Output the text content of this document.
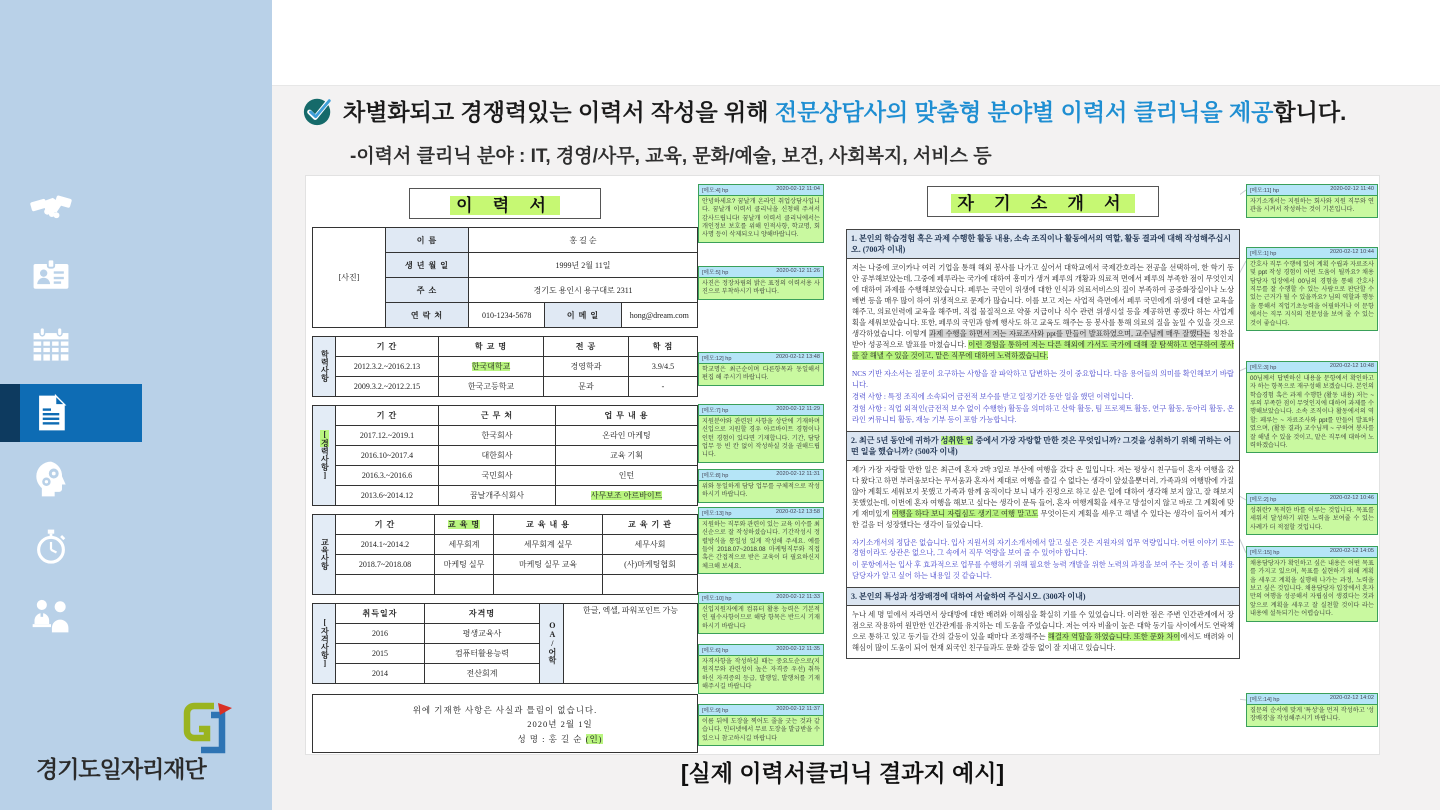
경기도일자리재단
차별화되고 경쟁력있는 이력서 작성을 위해 전문상담사의 맞춤형 분야별 이력서 클리닉을 제공합니다.
-이력서 클리닉 분야 : IT, 경영/사무, 교육, 문화/예술, 보건, 사회복지, 서비스 등
이 력 서
[사진]	이 름	홍 길 순		
	생 년 월 일	1999년 2월 11일		
	주 소	경기도 용인시 용구대로 2311		
	연 락 처	010-1234-5678	이 메 일	hong@dream.com
학력사항	기 간	학 교 명	전 공	학 점
	2012.3.2.~2016.2.13	한국대학교	경영학과	3.9/4.5
	2009.3.2.~2012.2.15	한국고등학교	문과	-
[경력사항]	기 간	근 무 처	업 무 내 용
	2017.12.~2019.1	한국회사	온라인 마케팅
	2016.10~2017.4	대한회사	교육 기획
	2016.3.~2016.6	국민회사	인턴
	2013.6~2014.12	꿈날개주식회사	사무보조 아르바이트
교육사항	기 간	교 육 명	교 육 내 용	교 육 기 관
	2014.1~2014.2	세무회계	세무회계 실무	세무사회
	2018.7~2018.08	마케팅 실무	마케팅 실무 교육	(사)마케팅협회

[자격사항]	취득일자	자격명	OA/어학	한글, 엑셀, 파워포인트 가능
	2016	평생교육사		
	2015	컴퓨터활용능력		
	2014	전산회계		
위에 기재한 사항은 사실과 틀림이 없습니다.
2020년 2월 1일
성 명 : 홍 길 순 (인)
[메모:4] hp	2020-02-12 11:04
안녕하세요? 꿈날개 온라인 취업상담사입니다. 꿈날개 이력서 클리닉을 신청해 주셔서 감사드립니다! 꿈날개 이력서 클리닉에서는 개인정보 보호를 위해 인적사항, 학교명, 회사명 등이 삭제되오니 양해바랍니다.
[메모:5] hp	2020-02-12 11:26
사진은 정장차림의 밝은 표정의 이력서용 사진으로 부착하시기 바랍니다.
[메모:12] hp	2020-02-12 13:48
학교명은 최근순이며 다른항목과 동일해서 편집 해 주시기 바랍니다.
[메모:7] hp	2020-02-12 11:29
지원분야와 관련된 사항을 상단에 기재하며 신입으로 지원할 경우 아르바이트 경험이나 인턴 경험이 있다면 기재합니다. 기간, 담당업무 등 빈 칸 없이 작성하실 것을 권해드립니다.
[메모:8] hp	2020-02-12 11:31
위와 동일하게 담당 업무를 구체적으로 작성하시기 바랍니다.
[메모:13] hp	2020-02-12 13:58
지원하는 직무와 관련이 있는 교육 이수를 최신순으로 잘 작성하셨습니다. 기간작성시 정렬방식을 통일성 있게 작성해 주세요. 예를 들어 2018.07~2018.08 마케팅직무와 직접 혹은 간접적으로 받은 교육이 더 필요하신지 체크해 보세요.
[메모:10] hp	2020-02-12 11:33
신입지원자에게 컴퓨터 활용 능력은 기본적인 필수사항이므로 해당 항목은 반드시 기재하시기 바랍니다
[메모:6] hp	2020-02-12 11:35
자격사항을 작성하실 때는 중요도순으로(지원직무와 관련성이 높은 자격증 우선) 취득하신 자격증의 등급, 발행일, 발행처를 기재해주시길 바랍니다
[메모:9] hp	2020-02-12 11:37
이름 뒤에 도장을 찍어도 줄을 긋는 것과 같습니다. 인터넷에서 무료 도장을 발급받을 수 있으니 참고하시길 바랍니다
자 기 소 개 서
1. 본인의 학습경험 혹은 과제 수행한 활동 내용, 소속 조직이나 활동에서의 역할, 활동 결과에 대해 작성해주십시오. (700자 이내)
저는 나중에 코이카나 여러 기업을 통해 해외 봉사를 나가고 싶어서 대학교에서 국제간호라는 전공을 선택하여, 한 학기 동안 공부해보았는데, 그중에 페루라는 국가에 대하여 흥미가 생겨 페루의 개황과 의료적 면에서 페루의 부족한 점이 무엇인지에 대하여 과제를 수행해보았습니다. 페루는 국민이 위생에 대한 인식과 의료서비스의 질이 부족하여 공중화장실이나 노상 배변 등을 매우 많이 하여 위생적으로 문제가 많습니다. 이를 보고 저는 사업적 측면에서 페루 국민에게 위생에 대한 교육을 해주고, 의료인력에 교육을 해주며, 직접 물질적으로 약품 지급이나 식수 관련 위생시설 등을 제공하면 좋겠다 하는 사업계획을 세워보았습니다. 또한, 페루의 국민과 함께 행사도 하고 교육도 해주는 등 봉사를 통해 의료의 질을 높일 수 있을 것으로 생각하였습니다. 이렇게 과제 수행을 하면서 저는 자료조사와 ppt를 만들어 발표하였으며, 교수님께 매우 잘했다는 칭찬을 받아 성공적으로 발표를 마쳤습니다. 이런 경험을 통하여 저는 다른 해외에 가서도 국가에 대해 잘 탐색하고 연구하여 봉사를 잘 해낼 수 있을 것이고, 맡은 직무에 대하여 노력하겠습니다.

NCS 기반 자소서는 질문이 요구하는 사항을 잘 파악하고 답변하는 것이 중요합니다. 다음 용어들의 의미를 확인해보기 바랍니다.

경력 사항 : 특정 조직에 소속되어 금전적 보수를 받고 일정기간 동안 일을 했던 이력입니다.

경험 사항 : 직업 외적인(금전적 보수 없이 수행한) 활동을 의미하고 산학 활동, 팀 프로젝트 활동, 연구 활동, 동아리 활동, 온라인 커뮤니티 활동, 재능 기부 등이 포함 가능합니다.

2. 최근 5년 동안에 귀하가 성취한 일 중에서 가장 자랑할 만한 것은 무엇입니까? 그것을 성취하기 위해 귀하는 어떤 일을 했습니까? (500자 이내)
제가 가장 자랑할 만한 일은 최근에 혼자 2박 3일로 부산에 여행을 갔다 온 일입니다. 저는 평상시 친구들이 혼자 여행을 갔다 왔다고 하면 부러움보다는 무서움과 혼자서 제대로 여행을 즐길 수 없다는 생각이 앞섰을뿐더러, 가족과의 여행밖에 가질 않아 계획도 세워보지 못했고 가족과 함께 움직이다 보니 내가 진정으로 하고 싶은 일에 대하여 생각해 보지 않고, 잘 해보지 못했었는데, 이번에 혼자 여행을 해보고 싶다는 생각이 문득 들어, 혼자 여행계획을 세우고 망설이지 않고 바로 그 계획에 맞게 재미있게 여행을 하다 보니 자립심도 생기고 여행 말고도 무엇이든지 계획을 세우고 해낼 수 있다는 생각이 들어서 제가 한 걸음 더 성장했다는 생각이 들었습니다.

자기소개서의 정답은 없습니다. 입사 지원서의 자기소개서에서 알고 싶은 것은 지원자의 업무 역량입니다. 어떤 이야기 또는 경험이라도 상관은 없으나, 그 속에서 직무 역량을 보여 줄 수 있어야 합니다.

이 문항에서는 입사 후 효과적으로 업무를 수행하기 위해 필요한 능력 개발을 위한 노력의 과정을 보여 주는 것이 좀 더 채용담당자가 알고 싶어 하는 내용일 것 같습니다.

3. 본인의 특성과 성장배경에 대하여 서술하여 주십시오. (300자 이내)
누나 세 명 밑에서 자라면서 상대방에 대한 배려와 이해심을 확실히 기를 수 있었습니다. 이러한 점은 주변 인간관계에서 장점으로 작용하여 원만한 인간관계를 유지하는 데 도움을 주었습니다. 저는 여자 비율이 높은 대학 동기들 사이에서도 연락책으로 통하고 있고 동기들 간의 갈등이 있을 때마다 조정해주는 해결자 역할을 하였습니다. 또한 문화 차이에서도 배려와 이해심이 많이 도움이 되어 현재 외국인 친구들과도 문화 갈등 없이 잘 지내고 있습니다.
[메모:11] hp	2020-02-12 11:40
자기소개서는 지원하는 회사와 지원 직무와 연관을 시켜서 작성하는 것이 기본입니다.
[메모:1] hp	2020-02-12 10:44
간호사 직무 수행에 있어 계획 수립과 자료조사 및 ppt 작성 경험이 어떤 도움이 될까요? 채용담당자 입장에서 00님의 경험을 통해 간호사 직무를 잘 수행할 수 있는 사람으로 판단할 수 있는 근거가 될 수 있을까요? 님의 역할과 행동을 통해서 직업기초능력을 어필하거나 이 문항에서는 직무 지식의 전문성을 보여 줄 수 있는 것이 좋습니다.
[메모:3] hp	2020-02-12 10:48
00님께서 답변하신 내용을 문항에서 확인하고자 하는 항목으로 재구성해 보겠습니다. 본인의 학습경험 혹은 과제 수행한 (활동 내용) 저는 ~ 루의 부족한 점이 무엇인지에 대하여 과제를 수행해보았습니다. 소속 조직이나 활동에서의 역할: 페루는 ~ 자료조사와 ppt를 만들어 발표하였으며, (활동 결과) 교수님께 ~ 구하여 봉사를 잘 해낼 수 있을 것이고, 맡은 직무에 대하여 노력하겠습니다.
[메모:2] hp	2020-02-12 10:46
성취란? 목적한 바를 이루는 것입니다. 목표를 세워서 달성하기 위한 노력을 보여줄 수 있는 사례가 더 적절할 것입니다.
[메모:15] hp	2020-02-12 14:05
채용담당자가 확인하고 싶은 내용은 어떤 목표를 가지고 있으며, 목표를 실현하기 위해 계획을 세우고 계획을 실행해 나가는 과정, 노력을 보고 싶은 것입니다. 채용담당자 입장에서 혼자만의 여행을 성공해서 자립심이 생겼다는 것과 앞으로 계획을 세우고 잘 실천할 것이다 라는 내용에 설득되기는 어렵습니다.
[메모:14] hp	2020-02-12 14:02
질문의 순서에 맞게 '특성'을 먼저 작성하고 '성장배경'을 작성해주시기 바랍니다.
[실제 이력서클리닉 결과지 예시]
